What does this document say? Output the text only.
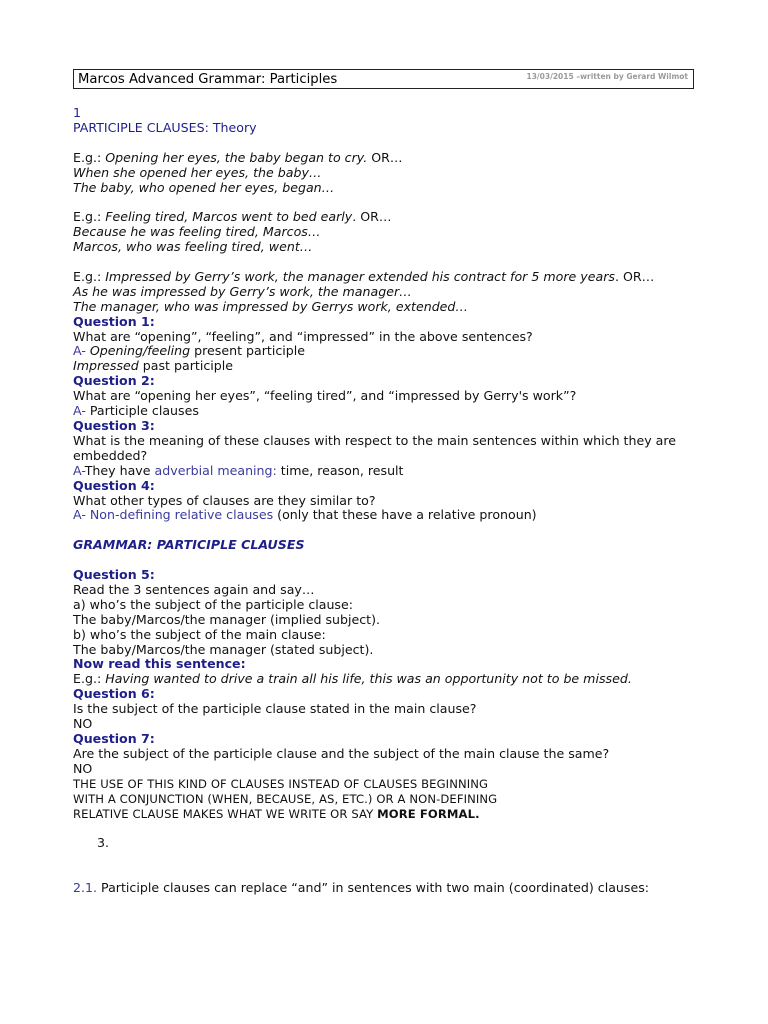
Marcos Advanced Grammar: Participles	13/03/2015 –written by Gerard Wilmot
1
PARTICIPLE CLAUSES: Theory
E.g.: Opening her eyes, the baby began to cry. OR…
When she opened her eyes, the baby…
The baby, who opened her eyes, began…
E.g.: Feeling tired, Marcos went to bed early. OR…
Because he was feeling tired, Marcos…
Marcos, who was feeling tired, went…
E.g.: Impressed by Gerry’s work, the manager extended his contract for 5 more years. OR…
As he was impressed by Gerry’s work, the manager…
The manager, who was impressed by Gerrys work, extended…
Question 1:
What are “opening”, “feeling”, and “impressed” in the above sentences?
A- Opening/feeling present participle
Impressed past participle
Question 2:
What are “opening her eyes”, “feeling tired”, and “impressed by Gerry's work”?
A- Participle clauses
Question 3:
What is the meaning of these clauses with respect to the main sentences within which they are embedded?
A-They have adverbial meaning: time, reason, result
Question 4:
What other types of clauses are they similar to?
A- Non-defining relative clauses (only that these have a relative pronoun)
GRAMMAR: PARTICIPLE CLAUSES
Question 5:
Read the 3 sentences again and say…
a) who’s the subject of the participle clause:
The baby/Marcos/the manager (implied subject).
b) who’s the subject of the main clause:
The baby/Marcos/the manager (stated subject).
Now read this sentence:
E.g.: Having wanted to drive a train all his life, this was an opportunity not to be missed.
Question 6:
Is the subject of the participle clause stated in the main clause?
NO
Question 7:
Are the subject of the participle clause and the subject of the main clause the same?
NO
THE USE OF THIS KIND OF CLAUSES INSTEAD OF CLAUSES BEGINNING
WITH A CONJUNCTION (WHEN, BECAUSE, AS, ETC.) OR A NON-DEFINING
RELATIVE CLAUSE MAKES WHAT WE WRITE OR SAY MORE FORMAL.
3.
2.1. Participle clauses can replace “and” in sentences with two main (coordinated) clauses:
